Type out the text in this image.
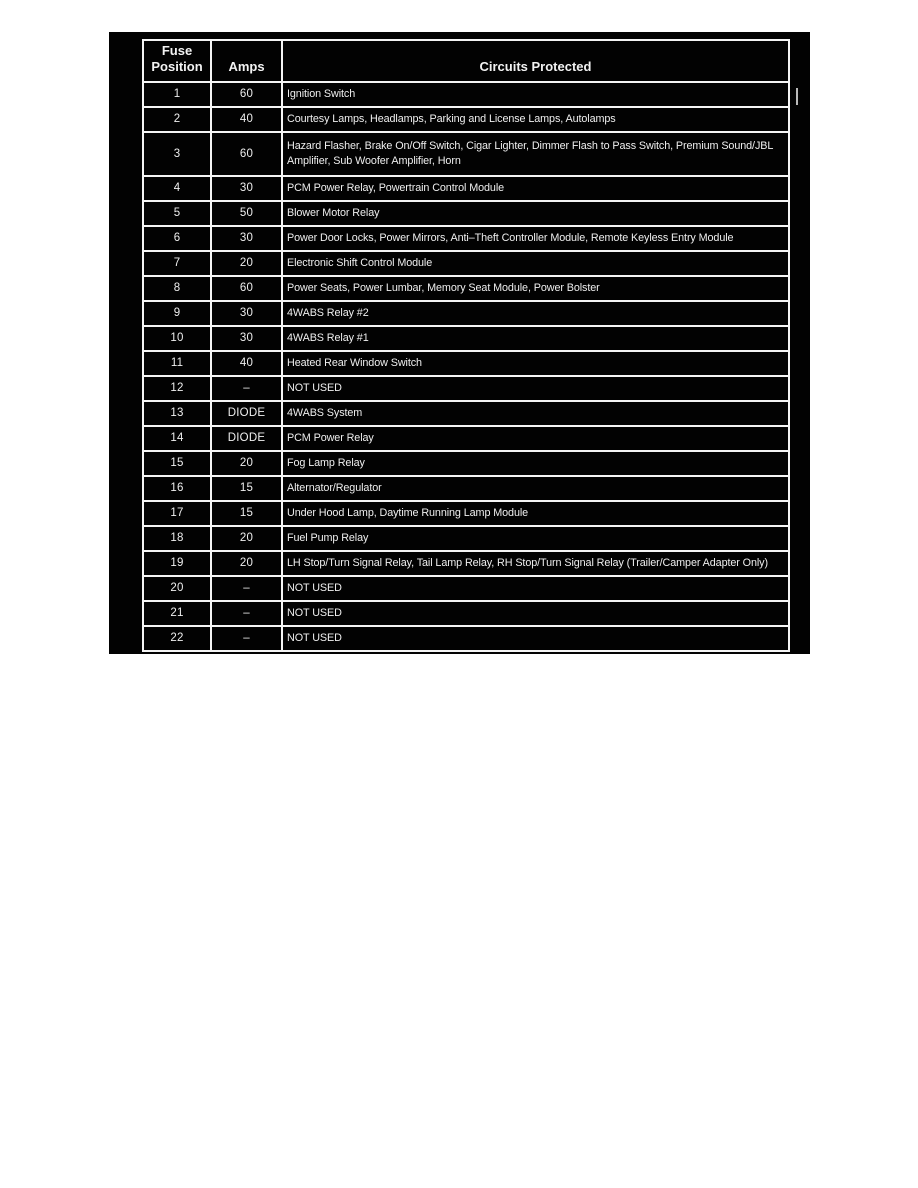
Fuse Position	Amps	Circuits Protected
1	60	Ignition Switch
2	40	Courtesy Lamps, Headlamps, Parking and License Lamps, Autolamps
3	60	Hazard Flasher, Brake On/Off Switch, Cigar Lighter, Dimmer Flash to Pass Switch, Premium Sound/JBL Amplifier, Sub Woofer Amplifier, Horn
4	30	PCM Power Relay, Powertrain Control Module
5	50	Blower Motor Relay
6	30	Power Door Locks, Power Mirrors, Anti–Theft Controller Module, Remote Keyless Entry Module
7	20	Electronic Shift Control Module
8	60	Power Seats, Power Lumbar, Memory Seat Module, Power Bolster
9	30	4WABS Relay #2
10	30	4WABS Relay #1
11	40	Heated Rear Window Switch
12	–	NOT USED
13	DIODE	4WABS System
14	DIODE	PCM Power Relay
15	20	Fog Lamp Relay
16	15	Alternator/Regulator
17	15	Under Hood Lamp, Daytime Running Lamp Module
18	20	Fuel Pump Relay
19	20	LH Stop/Turn Signal Relay, Tail Lamp Relay, RH Stop/Turn Signal Relay (Trailer/Camper Adapter Only)
20	–	NOT USED
21	–	NOT USED
22	–	NOT USED
